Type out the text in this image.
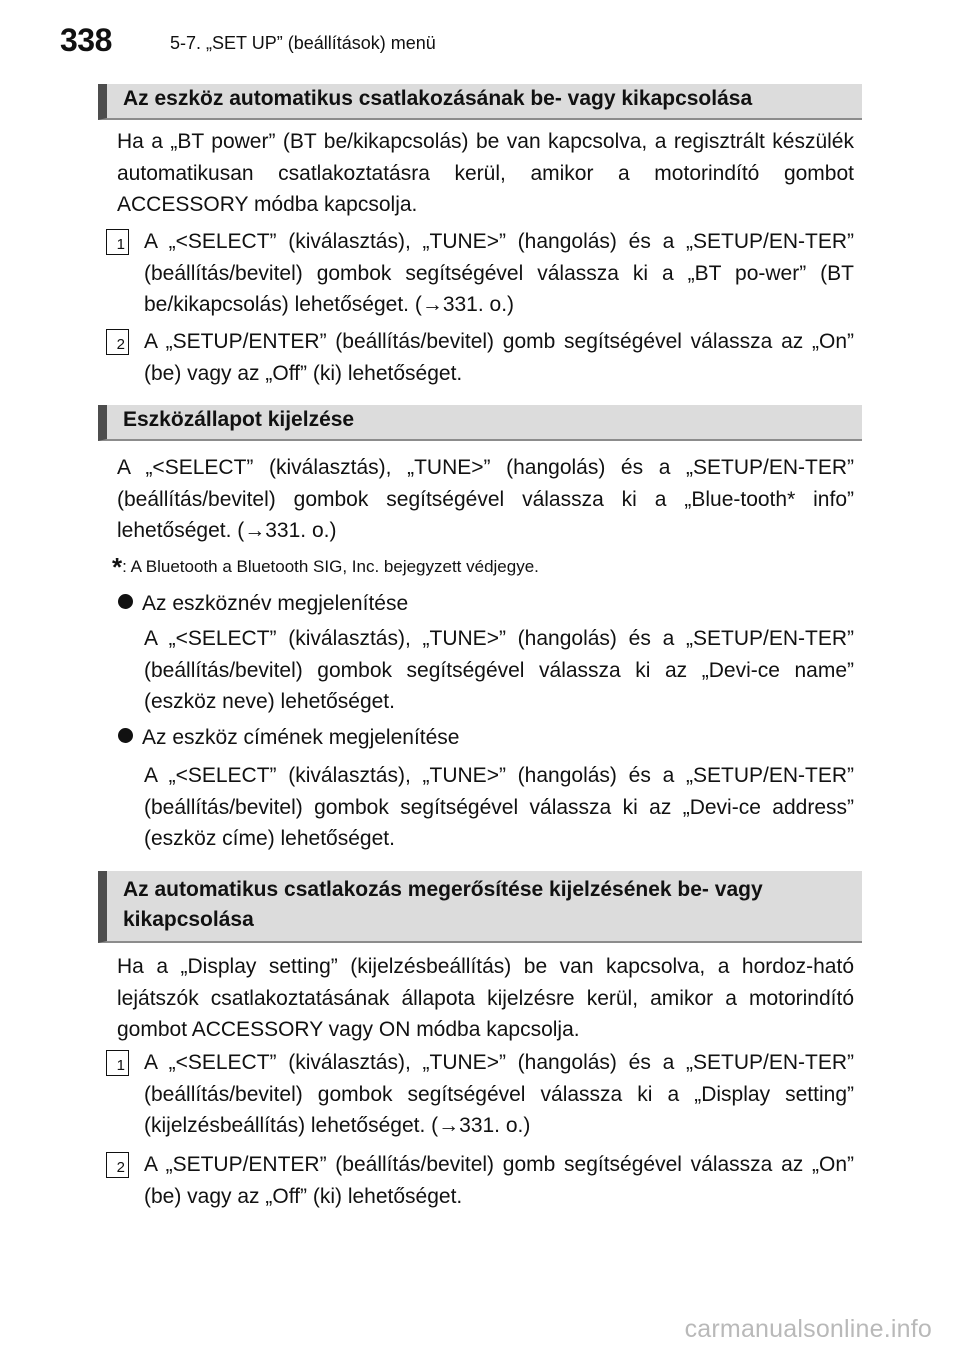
338	5-7. „SET UP” (beállítások) menü
Az eszköz automatikus csatlakozásának be- vagy kikapcsolása
Ha a „BT power” (BT be/kikapcsolás) be van kapcsolva, a regisztrált készülék automatikusan csatlakoztatásra kerül, amikor a motorindító gombot ACCESSORY módba kapcsolja.
1 A „<SELECT” (kiválasztás), „TUNE>” (hangolás) és a „SETUP/EN-TER” (beállítás/bevitel) gombok segítségével válassza ki a „BT po-wer” (BT be/kikapcsolás) lehetőséget. (→331. o.)
2 A „SETUP/ENTER” (beállítás/bevitel) gomb segítségével válassza az „On” (be) vagy az „Off” (ki) lehetőséget.
Eszközállapot kijelzése
A „<SELECT” (kiválasztás), „TUNE>” (hangolás) és a „SETUP/EN-TER” (beállítás/bevitel) gombok segítségével válassza ki a „Blue-tooth* info” lehetőséget. (→331. o.)
*: A Bluetooth a Bluetooth SIG, Inc. bejegyzett védjegye.
Az eszköznév megjelenítése
A „<SELECT” (kiválasztás), „TUNE>” (hangolás) és a „SETUP/EN-TER” (beállítás/bevitel) gombok segítségével válassza ki az „Devi-ce name” (eszköz neve) lehetőséget.
Az eszköz címének megjelenítése
A „<SELECT” (kiválasztás), „TUNE>” (hangolás) és a „SETUP/EN-TER” (beállítás/bevitel) gombok segítségével válassza ki az „Devi-ce address” (eszköz címe) lehetőséget.
Az automatikus csatlakozás megerősítése kijelzésének be- vagy kikapcsolása
Ha a „Display setting” (kijelzésbeállítás) be van kapcsolva, a hordoz-ható lejátszók csatlakoztatásának állapota kijelzésre kerül, amikor a motorindító gombot ACCESSORY vagy ON módba kapcsolja.
1 A „<SELECT” (kiválasztás), „TUNE>” (hangolás) és a „SETUP/EN-TER” (beállítás/bevitel) gombok segítségével válassza ki a „Display setting” (kijelzésbeállítás) lehetőséget. (→331. o.)
2 A „SETUP/ENTER” (beállítás/bevitel) gomb segítségével válassza az „On” (be) vagy az „Off” (ki) lehetőséget.
carmanualsonline.info
